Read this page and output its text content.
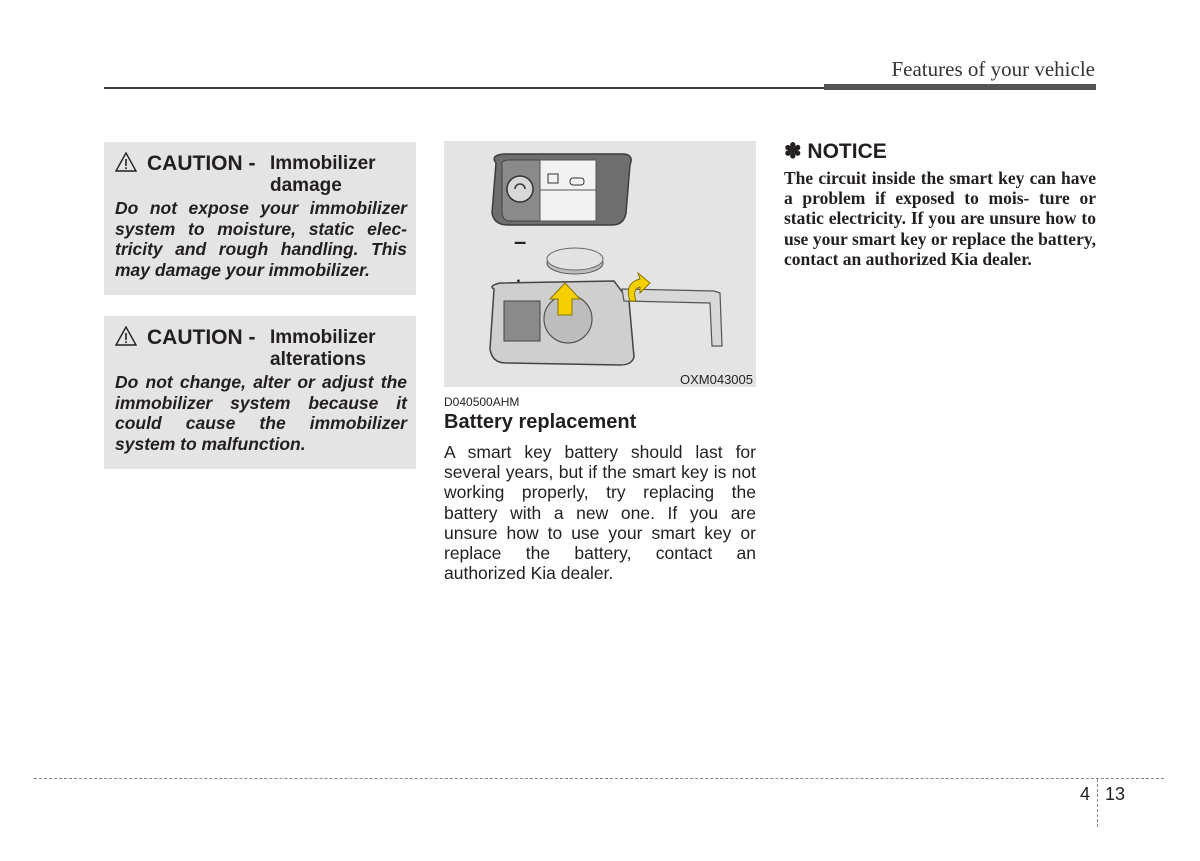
Features of your vehicle
CAUTION - Immobilizer

damage
Do not expose your immobilizer system to moisture, static elec- tricity and rough handling. This may damage your immobilizer.
CAUTION - Immobilizer

alterations
Do not change, alter or adjust the immobilizer system because it could cause the immobilizer system to malfunction.
–
OXM043005
D040500AHM
Battery replacement
A smart key battery should last for several years, but if the smart key is not working properly, try replacing the battery with a new one. If you are unsure how to use your smart key or replace the battery, contact an authorized Kia dealer.
✽ NOTICE
The circuit inside the smart key can have a problem if exposed to mois- ture or static electricity. If you are unsure how to use your smart key or replace the battery, contact an authorized Kia dealer.
4 13
